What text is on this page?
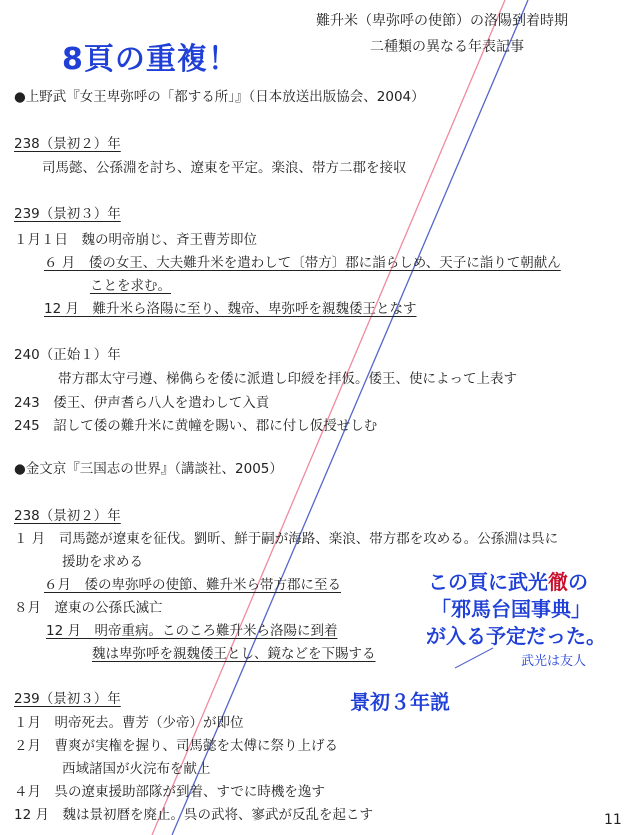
8頁の重複！
難升米（卑弥呼の使節）の洛陽到着時期
二種類の異なる年表記事
●上野武『女王卑弥呼の「都する所」』（日本放送出版協会、2004）
238（景初２）年
司馬懿、公孫淵を討ち、遼東を平定。楽浪、帯方二郡を接収
239（景初３）年
１月１日　魏の明帝崩じ、斉王曹芳即位
６ 月　倭の女王、大夫難升米を遣わして〔帯方〕郡に詣らしめ、天子に詣りて朝献ん
ことを求む。
12 月　難升米ら洛陽に至り、魏帝、卑弥呼を親魏倭王となす
240（正始１）年
帯方郡太守弓遵、梯儁らを倭に派遣し印綬を拝仮。倭王、使によって上表す
243　倭王、伊声耆ら八人を遣わして入貢
245　詔して倭の難升米に黄幢を賜い、郡に付し仮授せしむ
●金文京『三国志の世界』（講談社、2005）
238（景初２）年
１ 月　司馬懿が遼東を征伐。劉昕、鮮于嗣が海路、楽浪、帯方郡を攻める。公孫淵は呉に
援助を求める
６月　倭の卑弥呼の使節、難升米ら帯方郡に至る
８月　遼東の公孫氏滅亡
12 月　明帝重病。このころ難升米ら洛陽に到着
魏は卑弥呼を親魏倭王とし、鏡などを下賜する
239（景初３）年
１月　明帝死去。曹芳（少帝）が即位
２月　曹爽が実権を握り、司馬懿を太傅に祭り上げる
西域諸国が火浣布を献上
４月　呉の遼東援助部隊が到着、すでに時機を逸す
12 月　魏は景初暦を廃止。呉の武将、寥武が反乱を起こす
この頁に武光徹の
「邪馬台国事典」
が入る予定だった。
武光は友人
景初３年説
11
